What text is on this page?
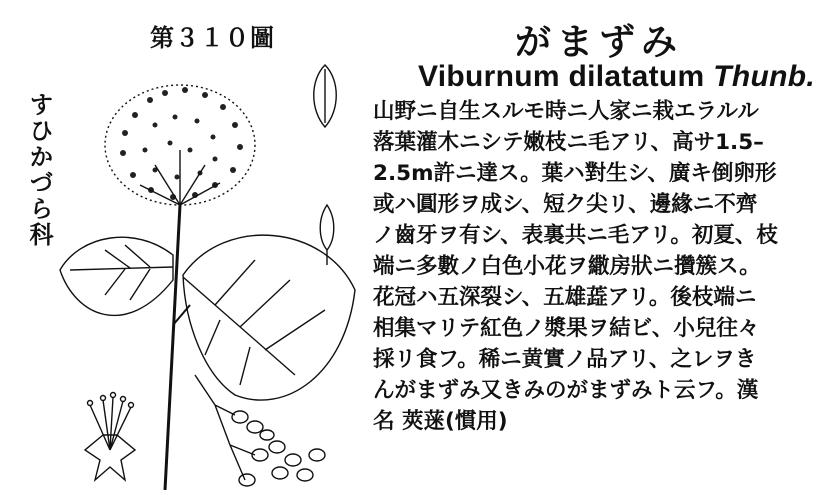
第３１０圖
すひかづら科
がまずみ
Viburnum dilatatum Thunb.
山野ニ自生スルモ時ニ人家ニ栽エラルル
落葉灌木ニシテ嫩枝ニ毛アリ、高サ1.5–
2.5m許ニ達ス。葉ハ對生シ、廣キ倒卵形
或ハ圓形ヲ成シ、短ク尖リ、邊緣ニ不齊
ノ齒牙ヲ有シ、表裏共ニ毛アリ。初夏、枝
端ニ多數ノ白色小花ヲ繖房狀ニ攢簇ス。
花冠ハ五深裂シ、五雄蕋アリ。後枝端ニ
相集マリテ紅色ノ漿果ヲ結ビ、小兒往々
採リ食フ。稀ニ黄實ノ品アリ、之レヲき
んがまずみ又きみのがまずみト云フ。漢
名 莢蒾(慣用)
